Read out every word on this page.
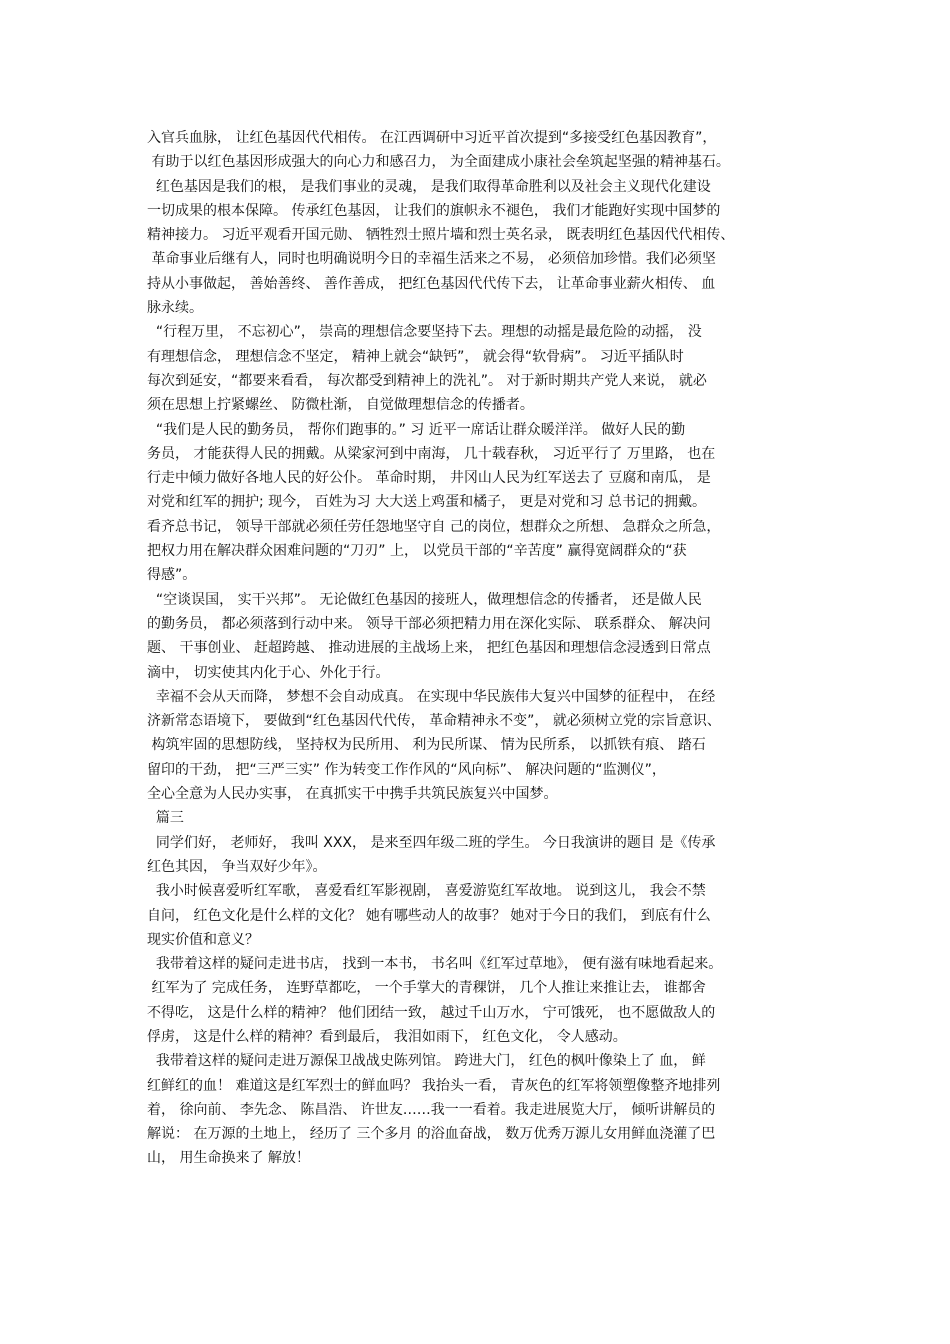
入官兵血脉， 让红色基因代代相传。 在江西调研中习近平首次提到“多接受红色基因教育”，
有助于以红色基因形成强大的向心力和感召力， 为全面建成小康社会垒筑起坚强的精神基石。
红色基因是我们的根， 是我们事业的灵魂， 是我们取得革命胜利以及社会主义现代化建设
一切成果的根本保障。 传承红色基因， 让我们的旗帜永不褪色， 我们才能跑好实现中国梦的
精神接力。 习近平观看开国元勋、 牺牲烈士照片墙和烈士英名录， 既表明红色基因代代相传、
革命事业后继有人，同时也明确说明今日的幸福生活来之不易， 必须倍加珍惜。我们必须坚
持从小事做起， 善始善终、 善作善成， 把红色基因代代传下去， 让革命事业薪火相传、 血
脉永续。
“行程万里， 不忘初心”， 崇高的理想信念要坚持下去。理想的动摇是最危险的动摇， 没
有理想信念， 理想信念不坚定， 精神上就会“缺钙”， 就会得“软骨病”。 习近平插队时
每次到延安，“都要来看看， 每次都受到精神上的洗礼”。 对于新时期共产党人来说， 就必
须在思想上拧紧螺丝、 防微杜渐， 自觉做理想信念的传播者。
“我们是人民的勤务员， 帮你们跑事的。” 习 近平一席话让群众暖洋洋。 做好人民的勤
务员， 才能获得人民的拥戴。从梁家河到中南海， 几十载春秋， 习近平行了 万里路， 也在
行走中倾力做好各地人民的好公仆。 革命时期， 井冈山人民为红军送去了 豆腐和南瓜， 是
对党和红军的拥护; 现今， 百姓为习 大大送上鸡蛋和橘子， 更是对党和习 总书记的拥戴。
看齐总书记， 领导干部就必须任劳任怨地坚守自 己的岗位，想群众之所想、 急群众之所急，
把权力用在解决群众困难问题的“刀刃” 上， 以党员干部的“辛苦度” 赢得宽阔群众的“获
得感”。
“空谈误国， 实干兴邦”。 无论做红色基因的接班人，做理想信念的传播者， 还是做人民
的勤务员， 都必须落到行动中来。 领导干部必须把精力用在深化实际、 联系群众、 解决问
题、 干事创业、 赶超跨越、 推动进展的主战场上来， 把红色基因和理想信念浸透到日常点
滴中， 切实使其内化于心、外化于行。
幸福不会从天而降， 梦想不会自动成真。 在实现中华民族伟大复兴中国梦的征程中， 在经
济新常态语境下， 要做到“红色基因代代传， 革命精神永不变”， 就必须树立党的宗旨意识、
构筑牢固的思想防线， 坚持权为民所用、 利为民所谋、 情为民所系， 以抓铁有痕、 踏石
留印的干劲， 把“三严三实” 作为转变工作作风的“风向标”、 解决问题的“监测仪”，
全心全意为人民办实事， 在真抓实干中携手共筑民族复兴中国梦。
篇三
同学们好， 老师好， 我叫 XXX， 是来至四年级二班的学生。 今日我演讲的题目 是《传承
红色其因， 争当双好少年》。
我小时候喜爱听红军歌， 喜爱看红军影视剧， 喜爱游览红军故地。 说到这儿， 我会不禁
自问， 红色文化是什么样的文化？ 她有哪些动人的故事？ 她对于今日的我们， 到底有什么
现实价值和意义？
我带着这样的疑问走进书店， 找到一本书， 书名叫《红军过草地》， 便有滋有味地看起来。
红军为了 完成任务， 连野草都吃， 一个手掌大的青稞饼， 几个人推让来推让去， 谁都舍
不得吃， 这是什么样的精神？ 他们团结一致， 越过千山万水， 宁可饿死， 也不愿做敌人的
俘虏， 这是什么样的精神？看到最后， 我泪如雨下， 红色文化， 令人感动。
我带着这样的疑问走进万源保卫战战史陈列馆。 跨进大门， 红色的枫叶像染上了 血， 鲜
红鲜红的血！ 难道这是红军烈士的鲜血吗？ 我抬头一看， 青灰色的红军将领塑像整齐地排列
着， 徐向前、 李先念、 陈昌浩、 许世友……我一一看着。我走进展览大厅， 倾听讲解员的
解说： 在万源的土地上， 经历了 三个多月 的浴血奋战， 数万优秀万源儿女用鲜血浇灌了巴
山， 用生命换来了 解放！
